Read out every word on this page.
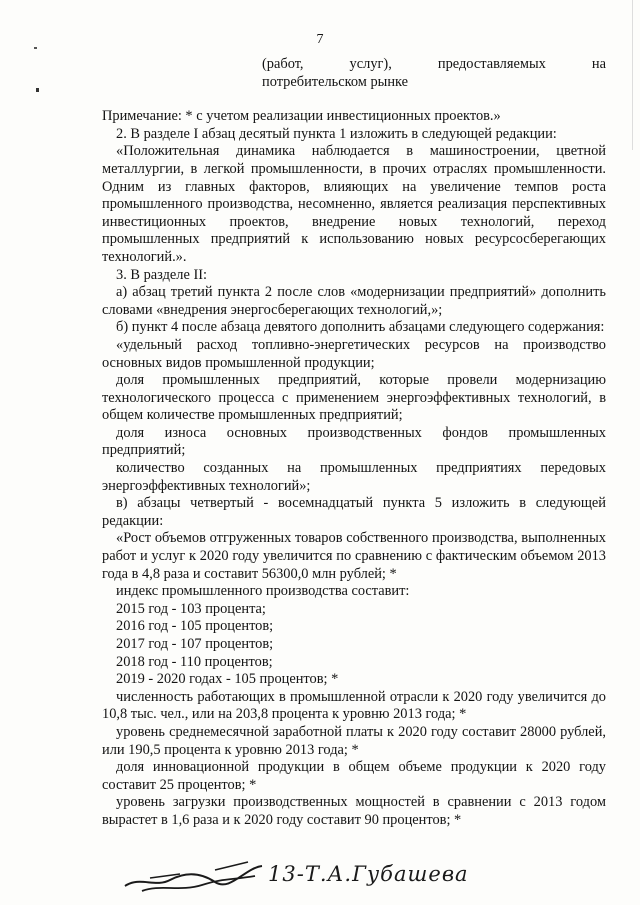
7

(работ, услуг), предоставляемых на

потребительском рынке

Примечание: * с учетом реализации инвестиционных проектов.»

2. В разделе I абзац десятый пункта 1 изложить в следующей редакции:

«Положительная динамика наблюдается в машиностроении, цветной металлургии, в легкой промышленности, в прочих отраслях промышленности. Одним из главных факторов, влияющих на увеличение темпов роста промышленного производства, несомненно, является реализация перспективных инвестиционных проектов, внедрение новых технологий, переход промышленных предприятий к использованию новых ресурсосберегающих технологий.».

3. В разделе II:

а) абзац третий пункта 2 после слов «модернизации предприятий» дополнить словами «внедрения энергосберегающих технологий,»;

б) пункт 4 после абзаца девятого дополнить абзацами следующего содержания:

«удельный расход топливно-энергетических ресурсов на производство основных видов промышленной продукции;

доля промышленных предприятий, которые провели модернизацию технологического процесса с применением энергоэффективных технологий, в общем количестве промышленных предприятий;

доля износа основных производственных фондов промышленных предприятий;

количество созданных на промышленных предприятиях передовых энергоэффективных технологий»;

в) абзацы четвертый - восемнадцатый пункта 5 изложить в следующей редакции:

«Рост объемов отгруженных товаров собственного производства, выполненных работ и услуг к 2020 году увеличится по сравнению с фактическим объемом 2013 года в 4,8 раза и составит 56300,0 млн рублей; *

индекс промышленного производства составит:

2015 год - 103 процента;

2016 год - 105 процентов;

2017 год - 107 процентов;

2018 год - 110 процентов;

2019 - 2020 годах - 105 процентов; *

численность работающих в промышленной отрасли к 2020 году увеличится до 10,8 тыс. чел., или на 203,8 процента к уровню 2013 года; *

уровень среднемесячной заработной платы к 2020 году составит 28000 рублей, или 190,5 процента к уровню 2013 года; *

доля инновационной продукции в общем объеме продукции к 2020 году составит 25 процентов; *

уровень загрузки производственных мощностей в сравнении с 2013 годом вырастет в 1,6 раза и к 2020 году составит 90 процентов; *

13-Т.А.Губашева
